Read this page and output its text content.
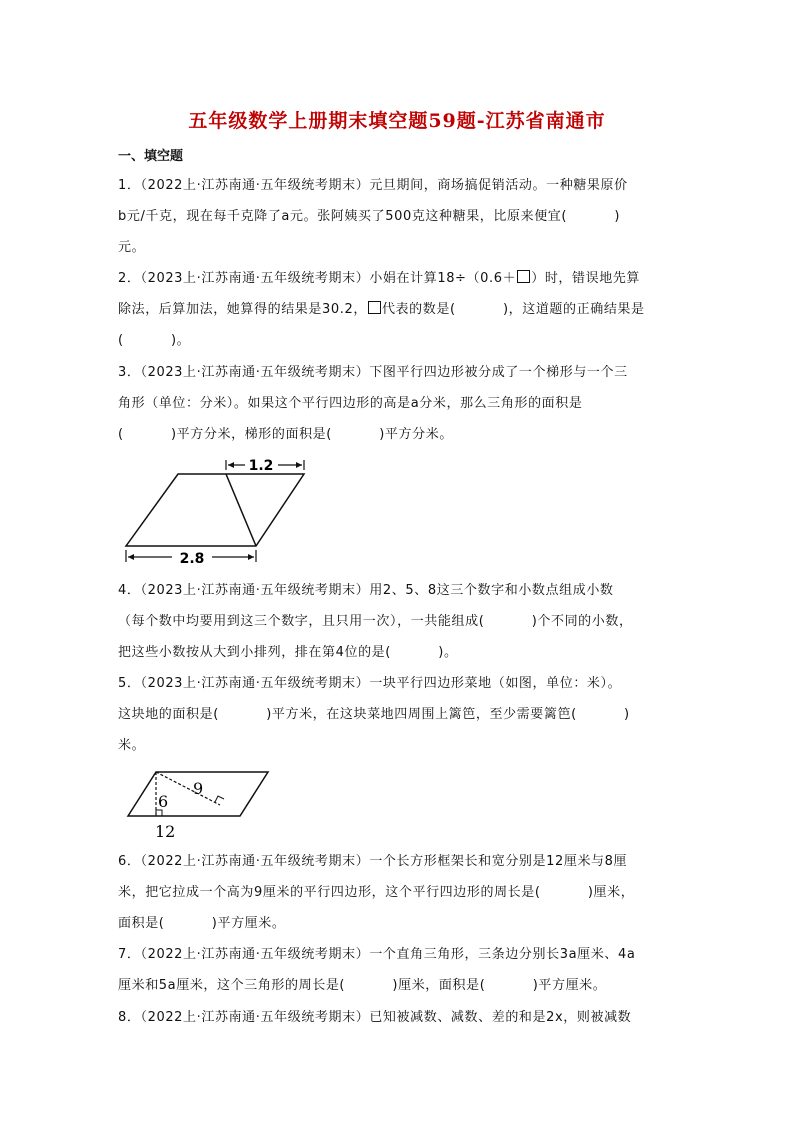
五年级数学上册期末填空题59题-江苏省南通市
一、填空题
1．（2022上·江苏南通·五年级统考期末）元旦期间，商场搞促销活动。一种糖果原价
b元/千克，现在每千克降了a元。张阿姨买了500克这种糖果，比原来便宜(          )
元。
2．（2023上·江苏南通·五年级统考期末）小娟在计算18÷（0.6＋ ）时，错误地先算
除法，后算加法，她算得的结果是30.2， 代表的数是(          )，这道题的正确结果是
(          )。
3．（2023上·江苏南通·五年级统考期末）下图平行四边形被分成了一个梯形与一个三
角形（单位：分米）。如果这个平行四边形的高是a分米，那么三角形的面积是
(          )平方分米，梯形的面积是(          )平方分米。
1.2
2.8
4．（2023上·江苏南通·五年级统考期末）用2、5、8这三个数字和小数点组成小数
（每个数中均要用到这三个数字，且只用一次），一共能组成(          )个不同的小数，
把这些小数按从大到小排列，排在第4位的是(          )。
5．（2023上·江苏南通·五年级统考期末）一块平行四边形菜地（如图，单位：米）。
这块地的面积是(          )平方米，在这块菜地四周围上篱笆，至少需要篱笆(          )
米。
9
6
12
6．（2022上·江苏南通·五年级统考期末）一个长方形框架长和宽分别是12厘米与8厘
米，把它拉成一个高为9厘米的平行四边形，这个平行四边形的周长是(          )厘米，
面积是(          )平方厘米。
7．（2022上·江苏南通·五年级统考期末）一个直角三角形，三条边分别长3a厘米、4a
厘米和5a厘米，这个三角形的周长是(          )厘米，面积是(          )平方厘米。
8．（2022上·江苏南通·五年级统考期末）已知被减数、减数、差的和是2x，则被减数
